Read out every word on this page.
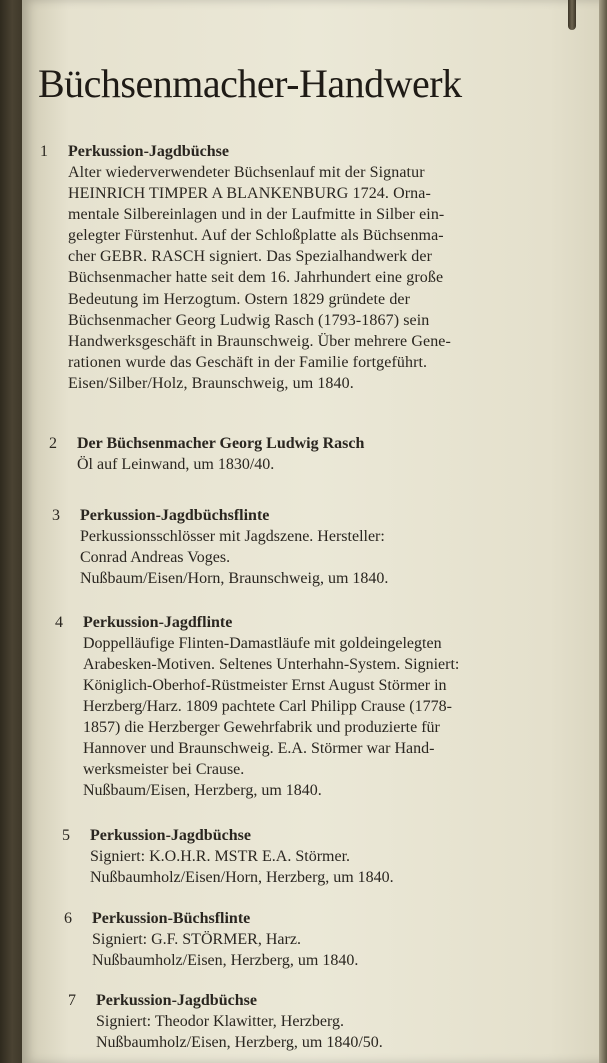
Büchsenmacher-Handwerk
1 Perkussion-Jagdbüchse
Alter wiederverwendeter Büchsenlauf mit der Signatur
HEINRICH TIMPER A BLANKENBURG 1724. Orna-
mentale Silbereinlagen und in der Laufmitte in Silber ein-
gelegter Fürstenhut. Auf der Schloßplatte als Büchsenma-
cher GEBR. RASCH signiert. Das Spezialhandwerk der
Büchsenmacher hatte seit dem 16. Jahrhundert eine große
Bedeutung im Herzogtum. Ostern 1829 gründete der
Büchsenmacher Georg Ludwig Rasch (1793-1867) sein
Handwerksgeschäft in Braunschweig. Über mehrere Gene-
rationen wurde das Geschäft in der Familie fortgeführt.
Eisen/Silber/Holz, Braunschweig, um 1840.
2 Der Büchsenmacher Georg Ludwig Rasch
Öl auf Leinwand, um 1830/40.
3 Perkussion-Jagdbüchsflinte
Perkussionsschlösser mit Jagdszene. Hersteller:
Conrad Andreas Voges.
Nußbaum/Eisen/Horn, Braunschweig, um 1840.
4 Perkussion-Jagdflinte
Doppelläufige Flinten-Damastläufe mit goldeingelegten
Arabesken-Motiven. Seltenes Unterhahn-System. Signiert:
Königlich-Oberhof-Rüstmeister Ernst August Störmer in
Herzberg/Harz. 1809 pachtete Carl Philipp Crause (1778-
1857) die Herzberger Gewehrfabrik und produzierte für
Hannover und Braunschweig. E.A. Störmer war Hand-
werksmeister bei Crause.
Nußbaum/Eisen, Herzberg, um 1840.
5 Perkussion-Jagdbüchse
Signiert: K.O.H.R. MSTR E.A. Störmer.
Nußbaumholz/Eisen/Horn, Herzberg, um 1840.
6 Perkussion-Büchsflinte
Signiert: G.F. STÖRMER, Harz.
Nußbaumholz/Eisen, Herzberg, um 1840.
7 Perkussion-Jagdbüchse
Signiert: Theodor Klawitter, Herzberg.
Nußbaumholz/Eisen, Herzberg, um 1840/50.
